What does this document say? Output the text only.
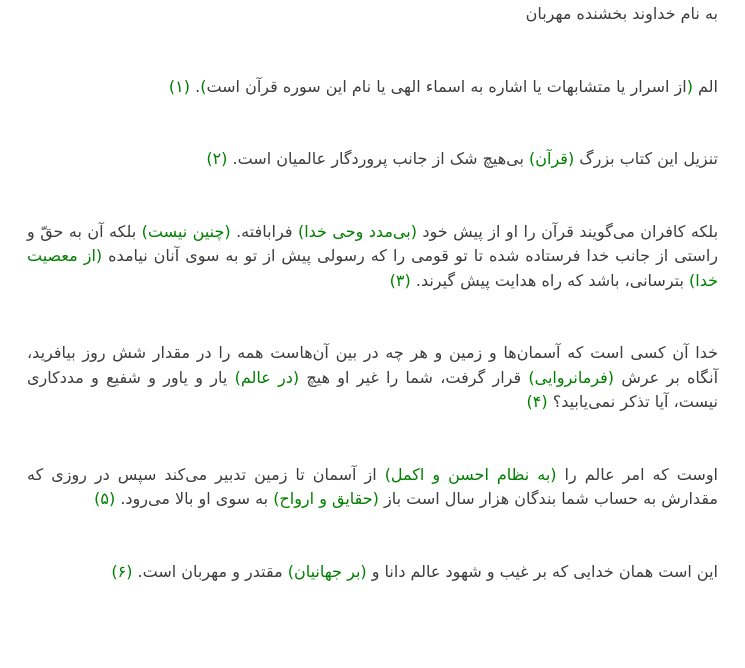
به نام خداوند بخشنده مهربان

الم (از اسرار یا متشابهات یا اشاره به اسماء الهی یا نام این سوره قرآن است). (۱)

تنزیل این کتاب بزرگ (قرآن) بی‌هیچ شک از جانب پروردگار عالمیان است. (۲)

بلکه کافران می‌گویند قرآن را او از پیش خود (بی‌مدد وحی خدا) فرابافته. (چنین نیست) بلکه آن به حقّ و راستی از جانب خدا فرستاده شده تا تو قومی را که رسولی پیش از تو به سوی آنان نیامده (از معصیت خدا) بترسانی، باشد که راه هدایت پیش گیرند. (۳)

خدا آن کسی است که آسمان‌ها و زمین و هر چه در بین آن‌هاست همه را در مقدار شش روز بیافرید، آنگاه بر عرش (فرمانروایی) قرار گرفت، شما را غیر او هیچ (در عالم) یار و یاور و شفیع و مددکاری نیست، آیا تذکر نمی‌یابید؟ (۴)

اوست که امر عالم را (به نظام احسن و اکمل) از آسمان تا زمین تدبیر می‌کند سپس در روزی که مقدارش به حساب شما بندگان هزار سال است باز (حقایق و ارواح) به سوی او بالا می‌رود. (۵)

این است همان خدایی که بر غیب و شهود عالم دانا و (بر جهانیان) مقتدر و مهربان است. (۶)
